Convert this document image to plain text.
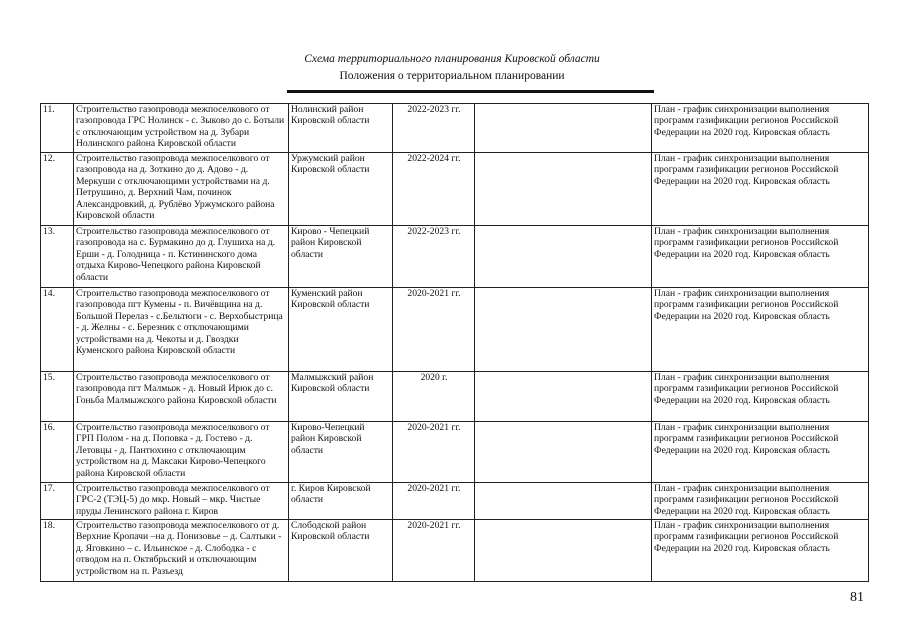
Схема территориального планирования Кировской области
Положения о территориальном планировании
11.	Строительство газопровода межпоселкового от газопровода ГРС Нолинск - с. Зыково до с. Ботыли с отключающим устройством на д. Зубари Нолинского района Кировской области	Нолинский район Кировской области	2022-2023 гг.		План - график синхронизации выполнения программ газификации регионов Российской Федерации на 2020 год. Кировская область
12.	Строительство газопровода межпоселкового от газопровода на д. Зоткино до д. Адово - д. Меркуши с отключающими устройствами на д. Петрушино, д. Верхний Чам, починок Александровкий, д. Рублёво Уржумского района Кировской области	Уржумский район Кировской области	2022-2024 гг.		План - график синхронизации выполнения программ газификации регионов Российской Федерации на 2020 год. Кировская область
13.	Строительство газопровода межпоселкового от газопровода на с. Бурмакино до д. Глушиха на д. Ерши - д. Голодница - п. Кстининского дома отдыха Кирово-Чепецкого района Кировской области	Кирово - Чепецкий район Кировской области	2022-2023 гг.		План - график синхронизации выполнения программ газификации регионов Российской Федерации на 2020 год. Кировская область
14.	Строительство газопровода межпоселкового от газопровода пгт Кумены - п. Вичёвщина на д. Большой Перелаз - с.Бельтюги - с. Верхобыстрица - д. Желны - с. Березник с отключающими устройствами на д. Чекоты и д. Гвоздки Куменского района Кировской области	Куменский район Кировской области	2020-2021 гг.		План - график синхронизации выполнения программ газификации регионов Российской Федерации на 2020 год. Кировская область
15.	Строительство газопровода межпоселкового от газопровода пгт Малмыж - д. Новый Ирюк до с. Гоньба Малмыжского района Кировской области	Малмыжский район Кировской области	2020 г.		План - график синхронизации выполнения программ газификации регионов Российской Федерации на 2020 год. Кировская область
16.	Строительство газопровода межпоселкового от ГРП Полом - на д. Поповка - д. Гостево - д. Летовцы - д. Пантюхино с отключающим устройством на д. Максаки Кирово-Чепецкого района Кировской области	Кирово-Чепецкий район Кировской области	2020-2021 гг.		План - график синхронизации выполнения программ газификации регионов Российской Федерации на 2020 год. Кировская область
17.	Строительство газопровода межпоселкового от ГРС-2 (ТЭЦ-5) до мкр. Новый – мкр. Чистые пруды Ленинского района г. Киров	г. Киров Кировской области	2020-2021 гг.		План - график синхронизации выполнения программ газификации регионов Российской Федерации на 2020 год. Кировская область
18.	Строительство газопровода межпоселкового от д. Верхние Кропачи –на д. Понизовье – д. Салтыки - д. Яговкино – с. Ильинское - д. Слободка - с отводом на п. Октябрьский и отключающим устройством на п. Разъезд	Слободской район Кировской области	2020-2021 гг.		План - график синхронизации выполнения программ газификации регионов Российской Федерации на 2020 год. Кировская область
81
